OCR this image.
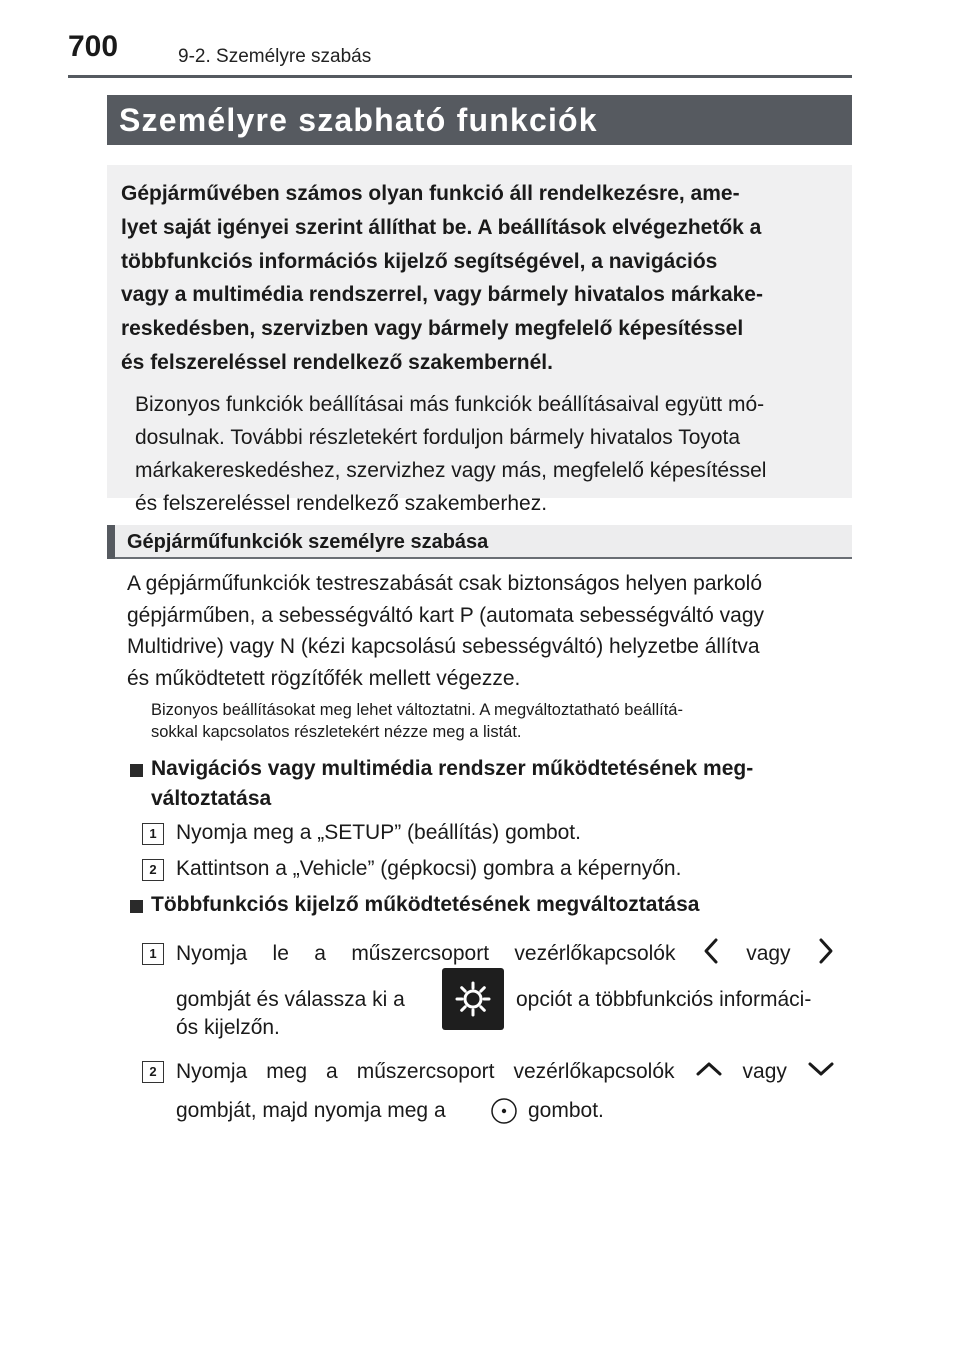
700	9-2. Személyre szabás
Személyre szabható funkciók
Gépjárművében számos olyan funkció áll rendelkezésre, ame-
lyet saját igényei szerint állíthat be. A beállítások elvégezhetők a
többfunkciós információs kijelző segítségével, a navigációs
vagy a multimédia rendszerrel, vagy bármely hivatalos márkake-
reskedésben, szervizben vagy bármely megfelelő képesítéssel
és felszereléssel rendelkező szakembernél.
Bizonyos funkciók beállításai más funkciók beállításaival együtt mó-
dosulnak. További részletekért forduljon bármely hivatalos Toyota
márkakereskedéshez, szervizhez vagy más, megfelelő képesítéssel
és felszereléssel rendelkező szakemberhez.
Gépjárműfunkciók személyre szabása
A gépjárműfunkciók testreszabását csak biztonságos helyen parkoló
gépjárműben, a sebességváltó kart P (automata sebességváltó vagy
Multidrive) vagy N (kézi kapcsolású sebességváltó) helyzetbe állítva
és működtetett rögzítőfék mellett végezze.
Bizonyos beállításokat meg lehet változtatni. A megváltoztatható beállítá-
sokkal kapcsolatos részletekért nézze meg a listát.
Navigációs vagy multimédia rendszer működtetésének meg-
változtatása
1 Nyomja meg a „SETUP” (beállítás) gombot.
2 Kattintson a „Vehicle” (gépkocsi) gombra a képernyőn.
Többfunkciós kijelző működtetésének megváltoztatása
1 Nyomja le a műszercsoport vezérlőkapcsolók	vagy
gombját és válassza ki a	opciót a többfunkciós informáci-
ós kijelzőn.
2 Nyomja meg a műszercsoport vezérlőkapcsolók	vagy
gombját, majd nyomja meg a	gombot.
